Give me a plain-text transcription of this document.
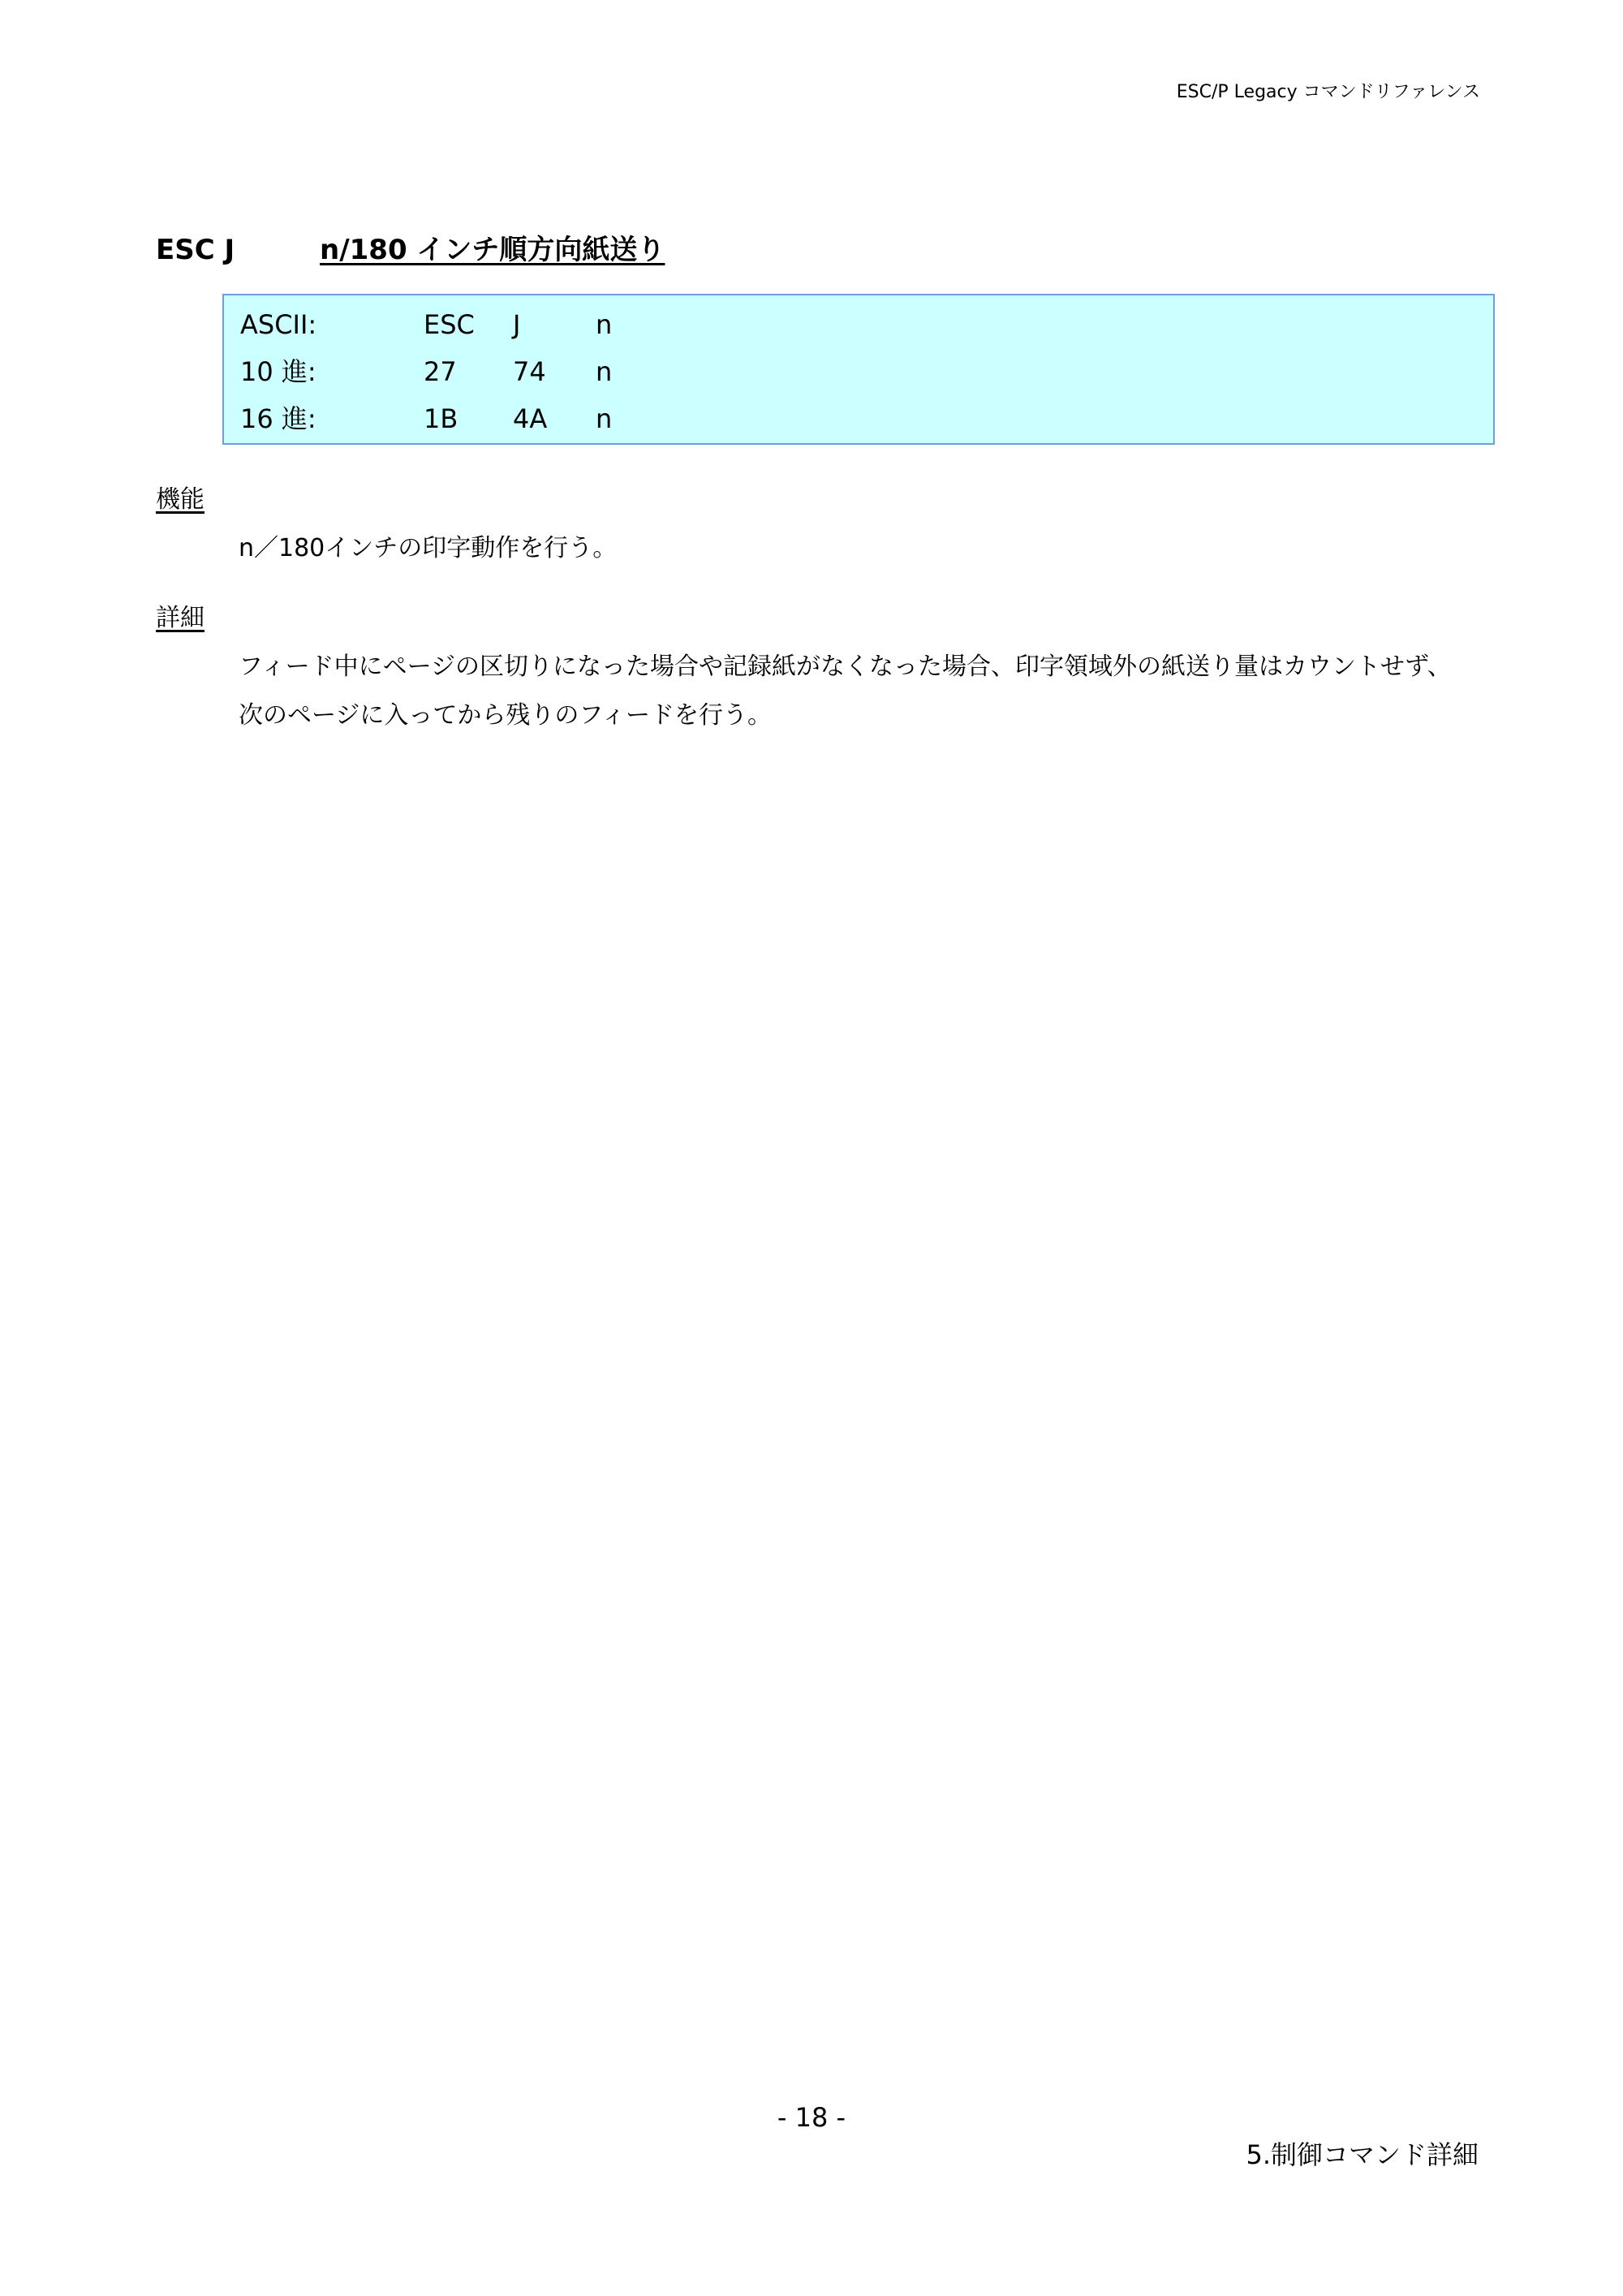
ESC/P Legacy コマンドリファレンス
ESC J	n/180 インチ順方向紙送り
ASCII:	ESC J	n
10 進:	27 74 n
16 進:	1B 4A n
機能
n／180インチの印字動作を行う。
詳細
フィード中にページの区切りになった場合や記録紙がなくなった場合、印字領域外の紙送り量はカウントせず、
次のページに入ってから残りのフィードを行う。
- 18 -
5.制御コマンド詳細
